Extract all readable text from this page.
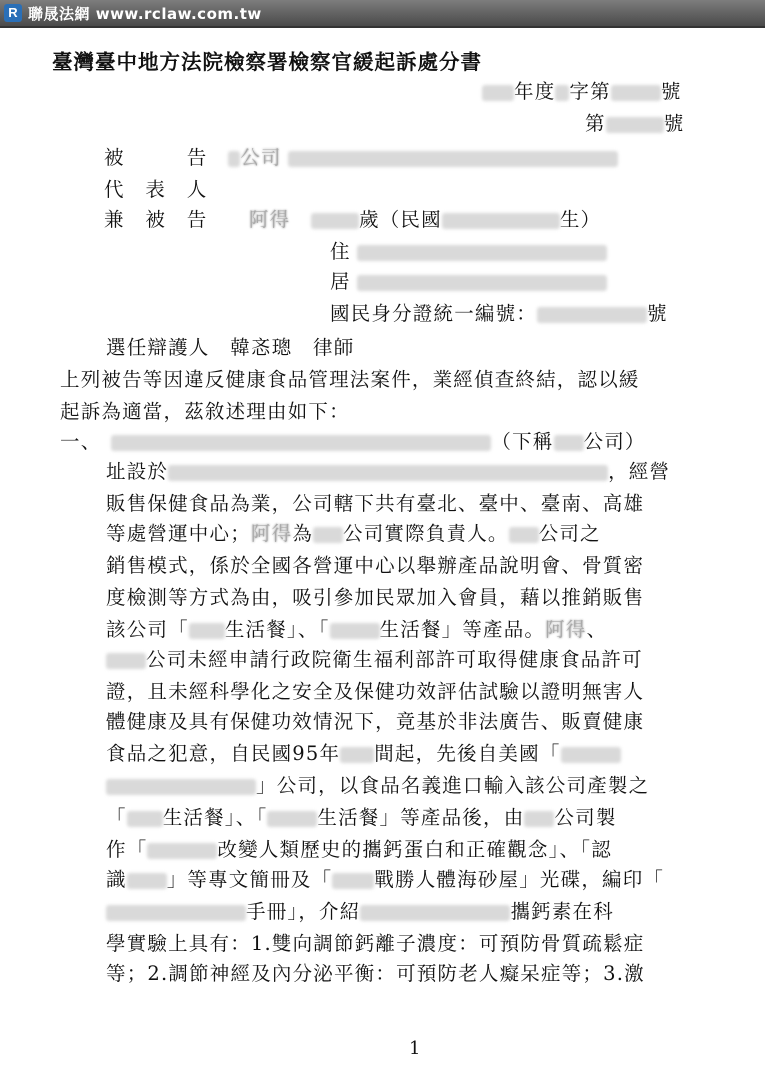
R 聯晟法網 www.rclaw.com.tw
臺灣臺中地方法院檢察署檢察官緩起訴處分書
年度 字第	號
第	號
被　　　告　 公司
代　表　人
兼　被　告　　 阿得　	歲（民國	生）
住
居
國民身分證統一編號：	號
選任辯護人　韓忞璁　律師
上列被告等因違反健康食品管理法案件，業經偵查終結，認以緩
起訴為適當，茲敘述理由如下：
一、	（下稱 公司）
址設於	，經營
販售保健食品為業，公司轄下共有臺北、臺中、臺南、高雄
等處營運中心；阿得為 公司實際負責人。 公司之
銷售模式，係於全國各營運中心以舉辦產品說明會、骨質密
度檢測等方式為由，吸引參加民眾加入會員，藉以推銷販售
該公司「 生活餐」、「	生活餐」等產品。阿得、
公司未經申請行政院衛生福利部許可取得健康食品許可
證，且未經科學化之安全及保健功效評估試驗以證明無害人
體健康及具有保健功效情況下，竟基於非法廣告、販賣健康
食品之犯意，自民國95年 間起，先後自美國「
」公司，以食品名義進口輸入該公司產製之
「 生活餐」、「	生活餐」等產品後，由 公司製
作「	改變人類歷史的攜鈣蛋白和正確觀念」、「認
識 」等專文簡冊及「 戰勝人體海砂屋」光碟，編印「
手冊」，介紹	攜鈣素在科
學實驗上具有：1.雙向調節鈣離子濃度：可預防骨質疏鬆症
等；2.調節神經及內分泌平衡：可預防老人癡呆症等；3.激
1
